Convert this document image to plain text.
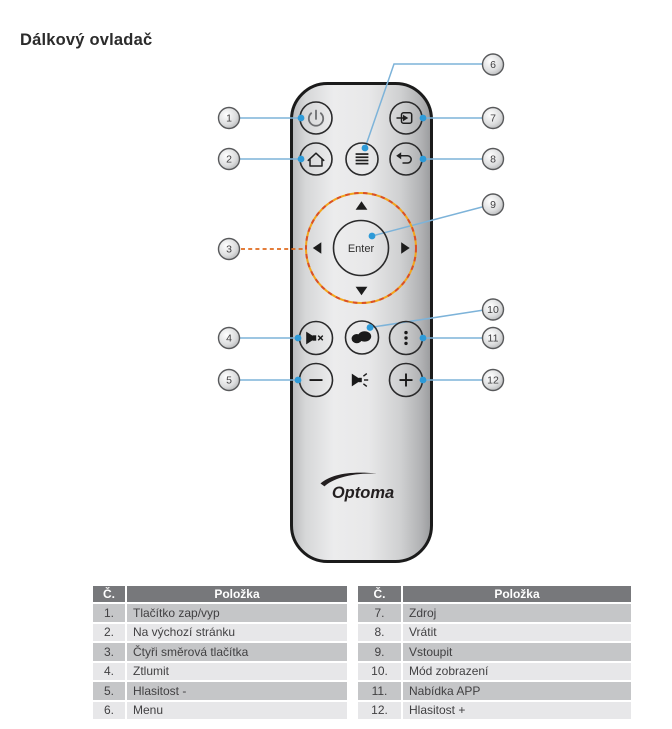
Dálkový ovladač
Enter
Optoma
1
2
3
4
5
6
7
8
9
10
11
12
Č.	Položka
1.	Tlačítko zap/vyp
2.	Na výchozí stránku
3.	Čtyři směrová tlačítka
4.	Ztlumit
5.	Hlasitost -
6.	Menu
Č.	Položka
7.	Zdroj
8.	Vrátit
9.	Vstoupit
10.	Mód zobrazení
11.	Nabídka APP
12.	Hlasitost +
